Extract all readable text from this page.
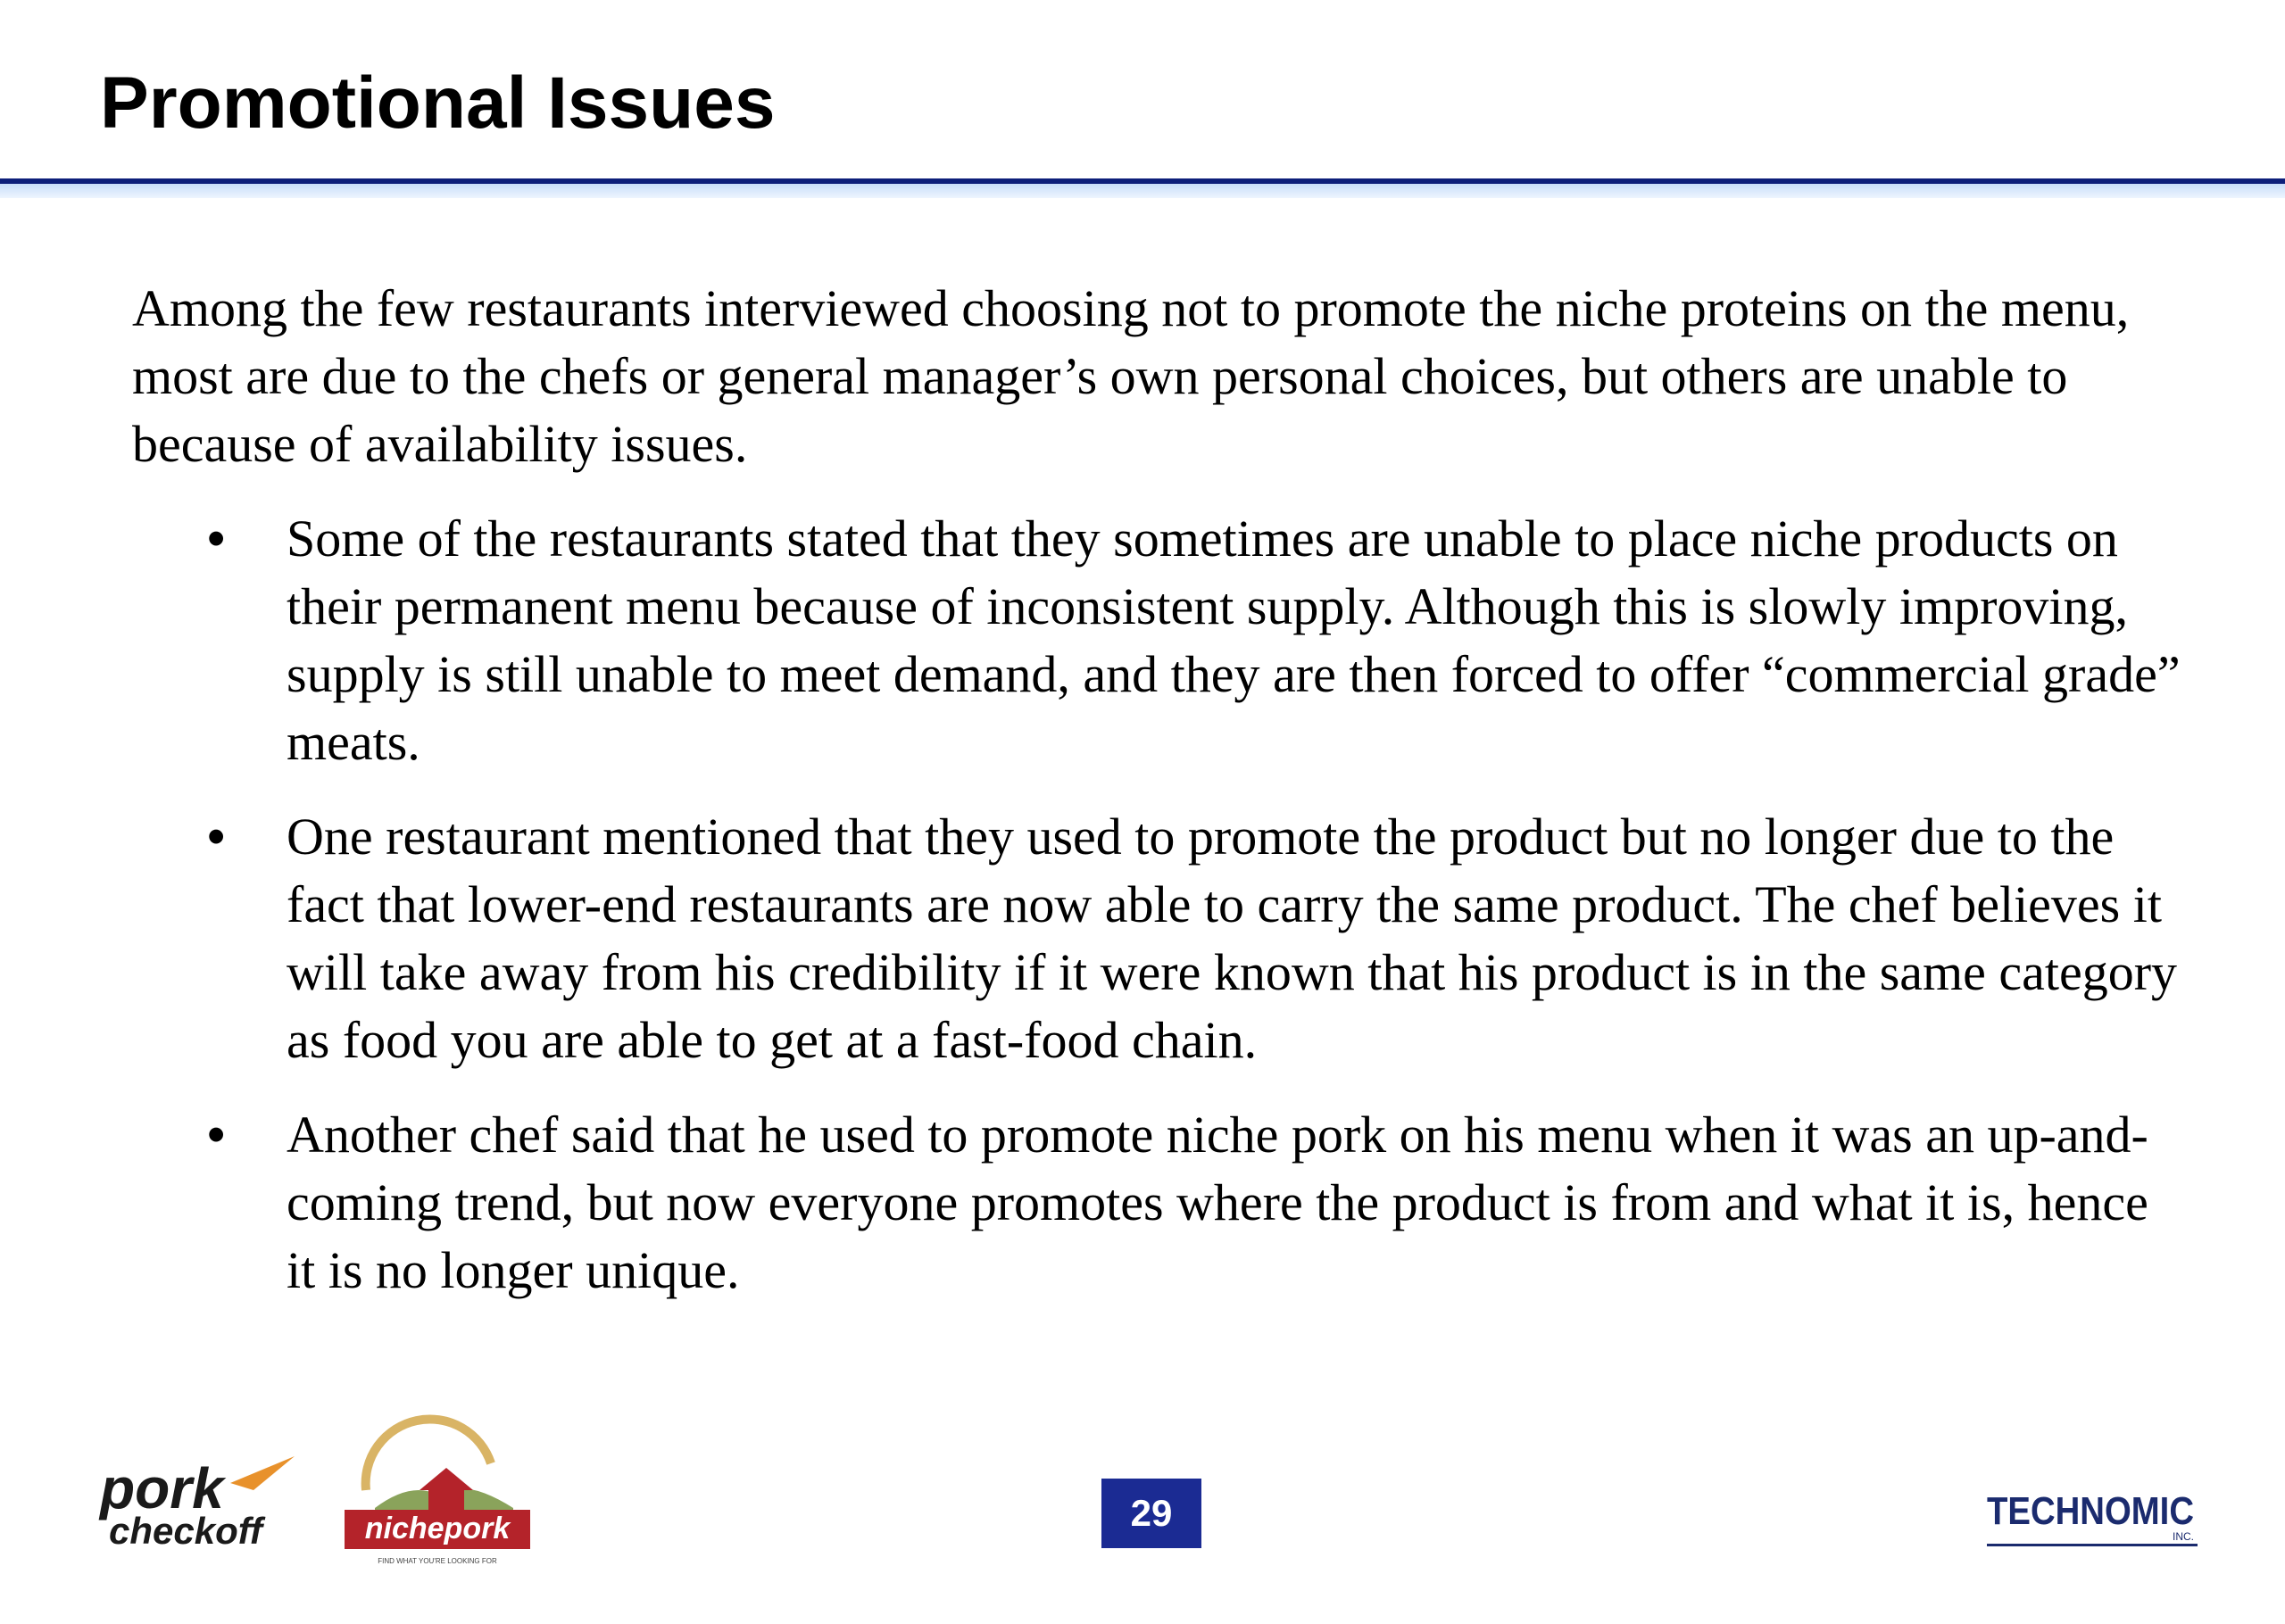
Promotional Issues

Among the few restaurants interviewed choosing not to promote the niche proteins on the menu, most are due to the chefs or general manager’s own personal choices, but others are unable to because of availability issues.

•	Some of the restaurants stated that they sometimes are unable to place niche products on their permanent menu because of inconsistent supply. Although this is slowly improving, supply is still unable to meet demand, and they are then forced to offer “commercial grade” meats.
•	One restaurant mentioned that they used to promote the product but no longer due to the fact that lower-end restaurants are now able to carry the same product. The chef believes it will take away from his credibility if it were known that his product is in the same category as food you are able to get at a fast-food chain.
•	Another chef said that he used to promote niche pork on his menu when it was an up-and-coming trend, but now everyone promotes where the product is from and what it is, hence it is no longer unique.
pork
checkoff	nichepork
FIND WHAT YOU'RE LOOKING FOR
29	TECHNOMIC
INC.
